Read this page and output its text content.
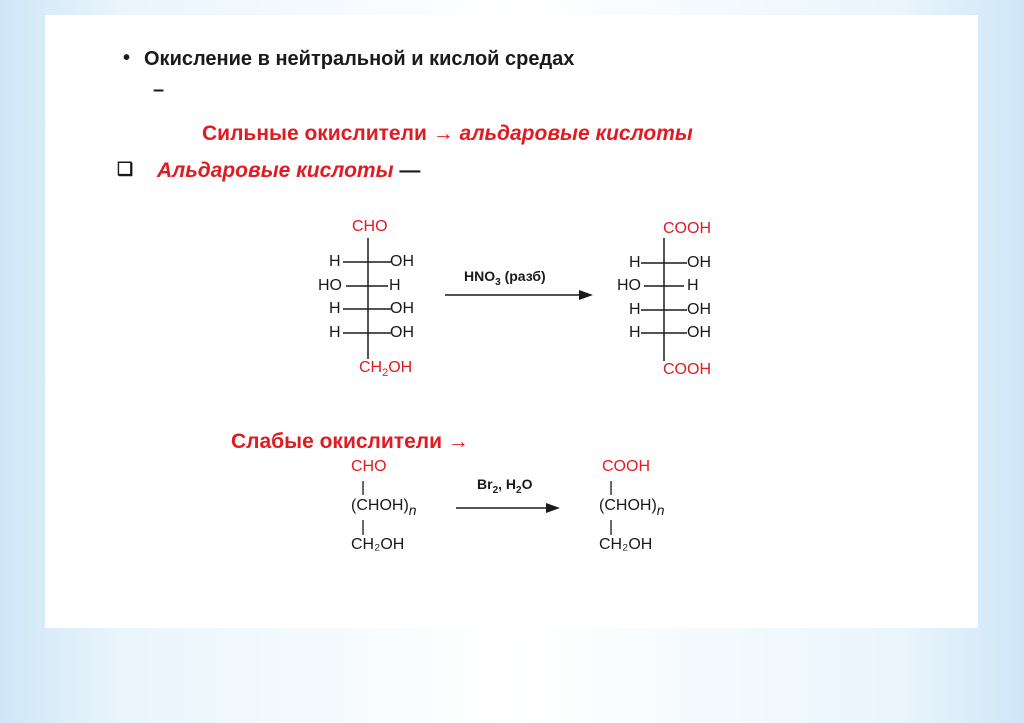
• Окисление в нейтральной и кислой средах
–
Сильные окислители → альдаровые кислоты
❑ Альдаровые кислоты —
CHO
H	OH
HO	H
H	OH
H	OH
$CH_2OH$
$HNO_3$ (разб)
COOH
H	OH
HO	H
H	OH
H	OH
COOH
Слабые окислители →
CHO
(CHOH)n
CH₂OH
$Br_2$, $H_2O$
COOH
(CHOH)n
CH₂OH
